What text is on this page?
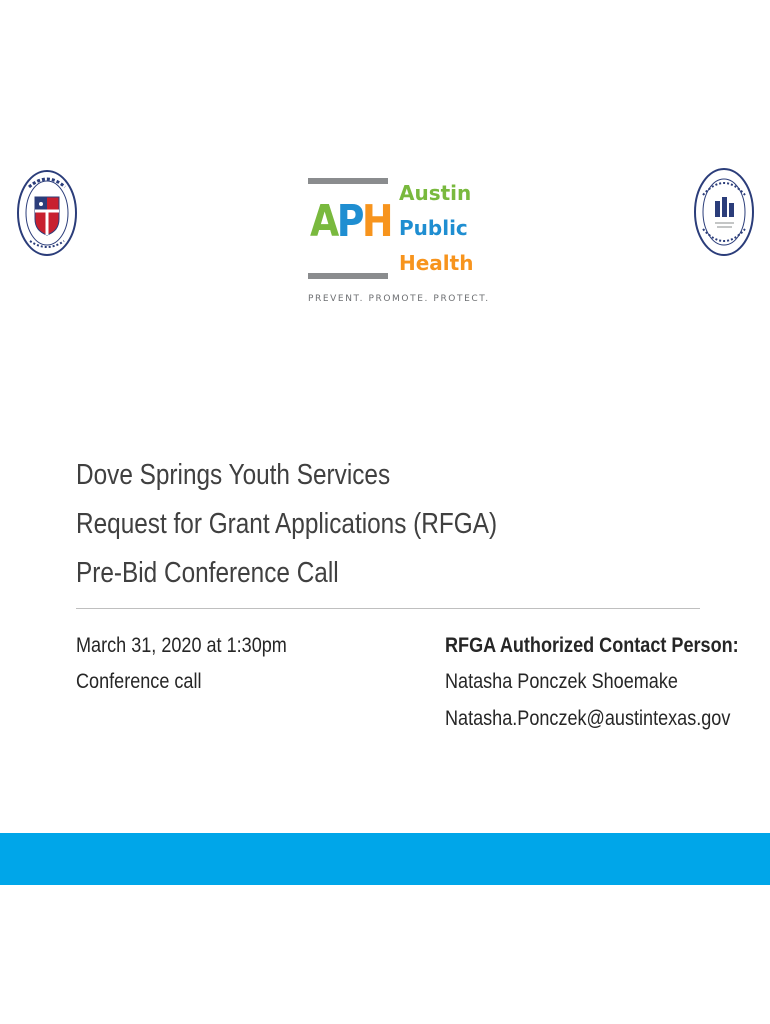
APH
Austin
Public
Health
PREVENT. PROMOTE. PROTECT.
Dove Springs Youth Services
Request for Grant Applications (RFGA)
Pre-Bid Conference Call
March 31, 2020 at 1:30pm
Conference call
RFGA Authorized Contact Person:
Natasha Ponczek Shoemake
Natasha.Ponczek@austintexas.gov
